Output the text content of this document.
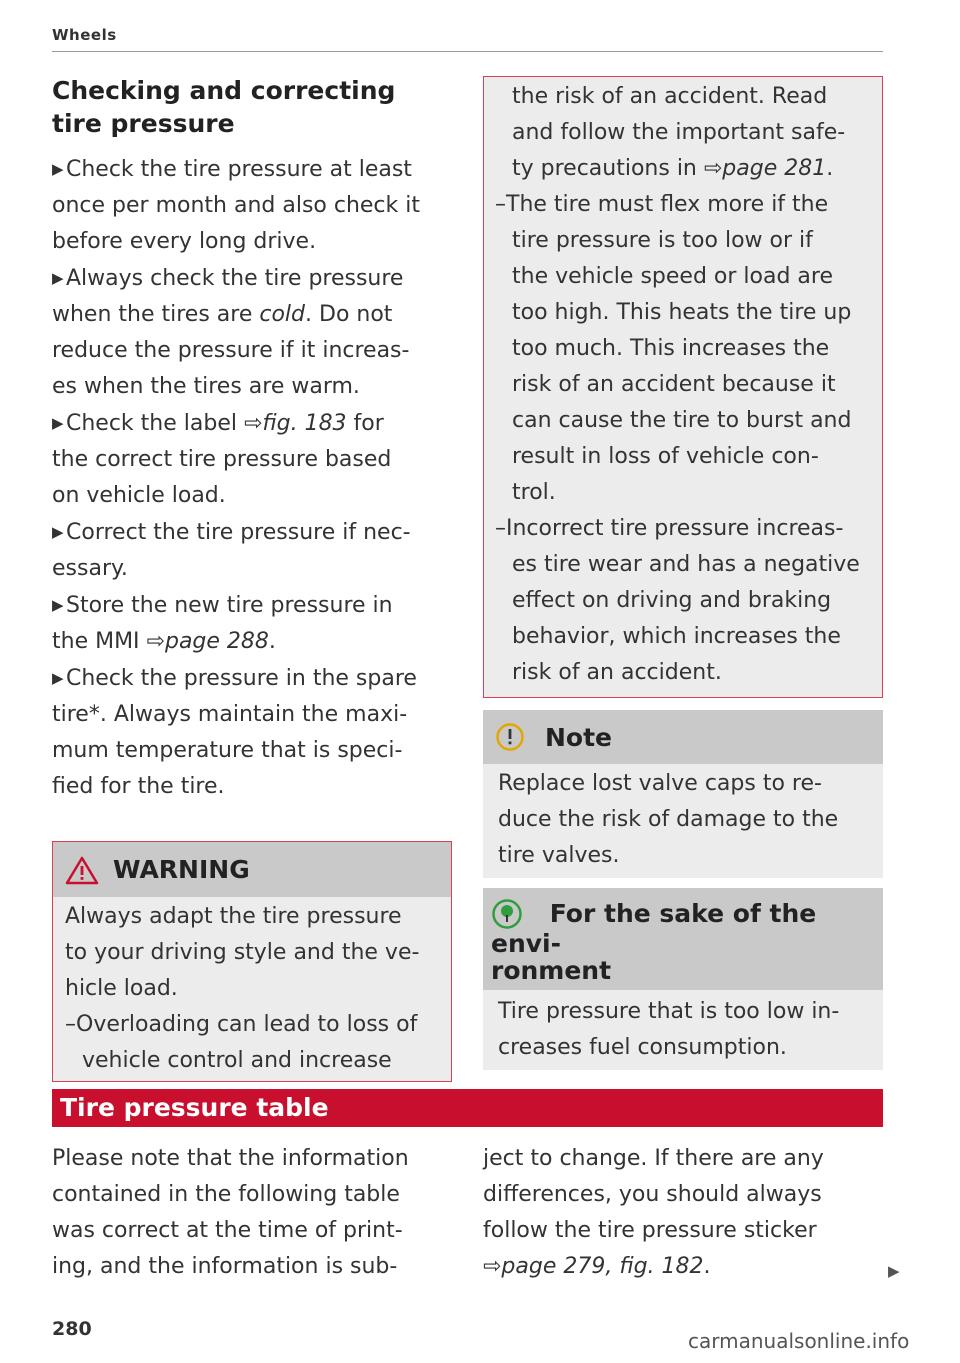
Wheels
Checking and correcting tire pressure
▶ Check the tire pressure at least
once per month and also check it
before every long drive.
▶ Always check the tire pressure
when the tires are cold. Do not
reduce the pressure if it increas-
es when the tires are warm.
▶ Check the label ⇨fig. 183 for
the correct tire pressure based
on vehicle load.
▶ Correct the tire pressure if nec-
essary.
▶ Store the new tire pressure in
the MMI ⇨page 288.
▶ Check the pressure in the spare
tire*. Always maintain the maxi-
mum temperature that is speci-
fied for the tire.
WARNING
Always adapt the tire pressure
to your driving style and the ve-
hicle load.
–Overloading can lead to loss of
vehicle control and increase
the risk of an accident. Read
and follow the important safe-
ty precautions in ⇨page 281.
–The tire must flex more if the
tire pressure is too low or if
the vehicle speed or load are
too high. This heats the tire up
too much. This increases the
risk of an accident because it
can cause the tire to burst and
result in loss of vehicle con-
trol.
–Incorrect tire pressure increas-
es tire wear and has a negative
effect on driving and braking
behavior, which increases the
risk of an accident.
Note
Replace lost valve caps to re-
duce the risk of damage to the
tire valves.
For the sake of the envi-
ronment
Tire pressure that is too low in-
creases fuel consumption.
Tire pressure table
Please note that the information
contained in the following table
was correct at the time of print-
ing, and the information is sub-
ject to change. If there are any
differences, you should always
follow the tire pressure sticker
⇨page 279, fig. 182.	▶
280	carmanualsonline.info
